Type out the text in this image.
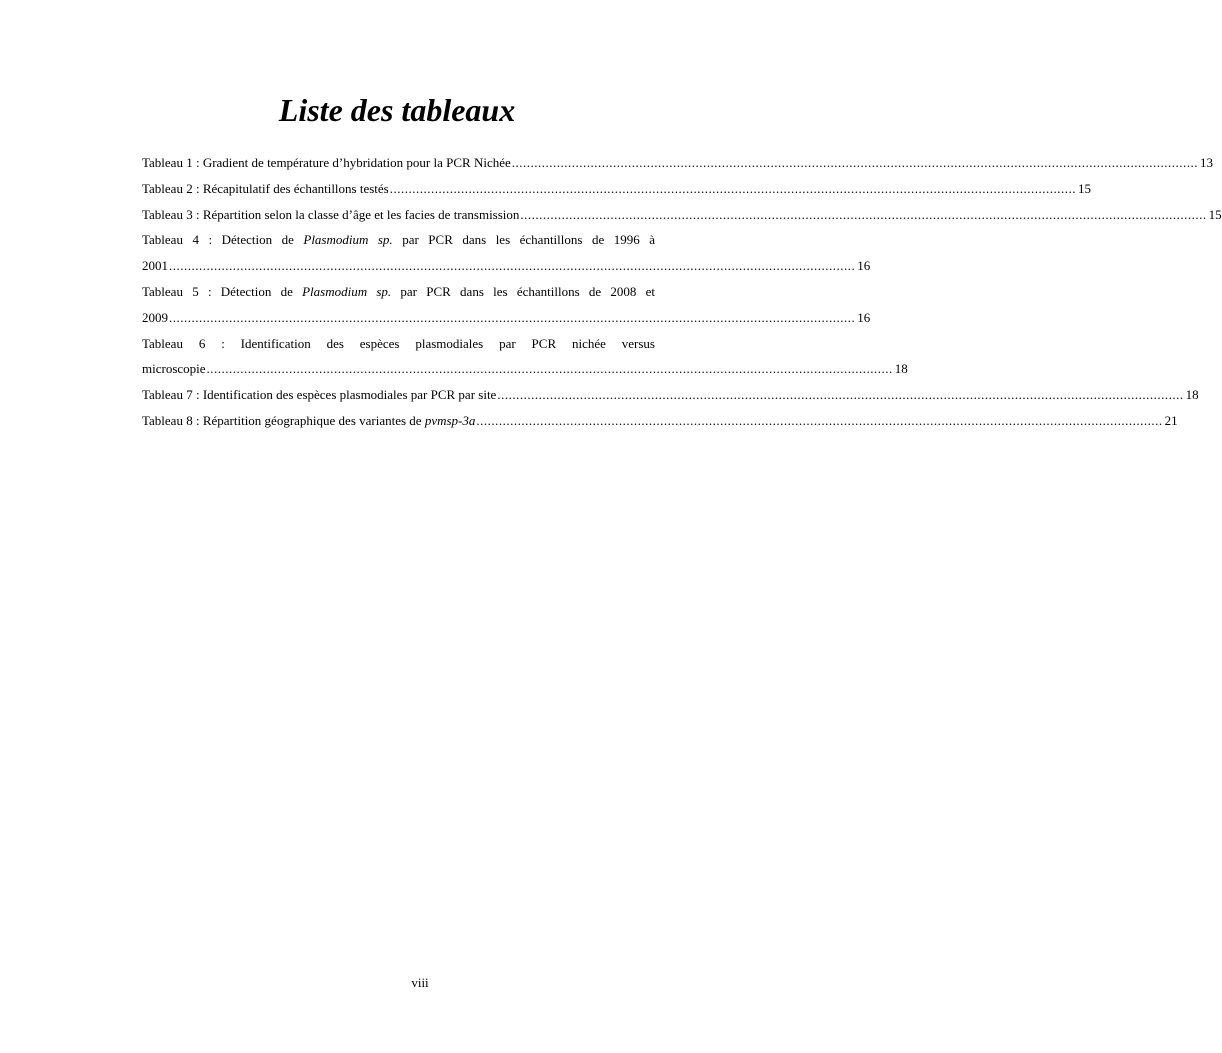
Liste des tableaux
Tableau 1 : Gradient de température d’hybridation pour la PCR Nichée ....................................................................................................................................................................................... 13
Tableau 2 : Récapitulatif des échantillons testés ....................................................................................................................................................................................... 15
Tableau 3 : Répartition selon la classe d’âge et les facies de transmission ....................................................................................................................................................................................... 15
Tableau 4 : Détection de Plasmodium sp. par PCR dans les échantillons de 1996 à
2001 ....................................................................................................................................................................................... 16
Tableau 5 : Détection de Plasmodium sp. par PCR dans les échantillons de 2008 et
2009 ....................................................................................................................................................................................... 16
Tableau 6 : Identification des espèces plasmodiales par PCR nichée versus
microscopie ....................................................................................................................................................................................... 18
Tableau 7 : Identification des espèces plasmodiales par PCR par site ....................................................................................................................................................................................... 18
Tableau 8 : Répartition géographique des variantes de pvmsp-3a ....................................................................................................................................................................................... 21
viii
